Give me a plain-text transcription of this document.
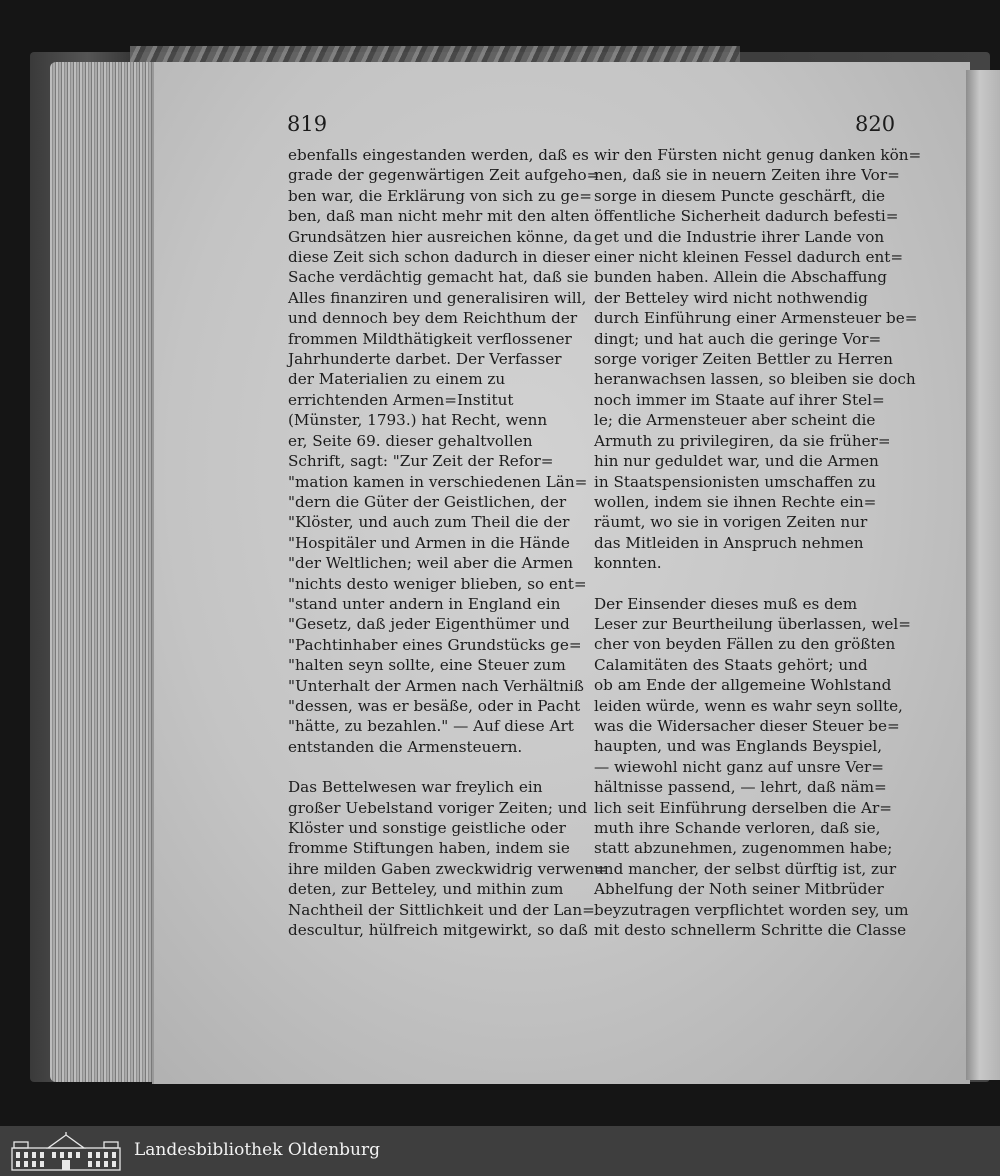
819	820
ebenfalls eingestanden werden, daß es
grade der gegenwärtigen Zeit aufgeho=
ben war, die Erklärung von sich zu ge=
ben, daß man nicht mehr mit den alten
Grundsätzen hier ausreichen könne, da
diese Zeit sich schon dadurch in dieser
Sache verdächtig gemacht hat, daß sie
Alles finanziren und generalisiren will,
und dennoch bey dem Reichthum der
frommen Mildthätigkeit verflossener
Jahrhunderte darbet. Der Verfasser
der Materialien zu einem zu
errichtenden Armen=Institut
(Münster, 1793.) hat Recht, wenn
er, Seite 69. dieser gehaltvollen
Schrift, sagt: "Zur Zeit der Refor=
"mation kamen in verschiedenen Län=
"dern die Güter der Geistlichen, der
"Klöster, und auch zum Theil die der
"Hospitäler und Armen in die Hände
"der Weltlichen; weil aber die Armen
"nichts desto weniger blieben, so ent=
"stand unter andern in England ein
"Gesetz, daß jeder Eigenthümer und
"Pachtinhaber eines Grundstücks ge=
"halten seyn sollte, eine Steuer zum
"Unterhalt der Armen nach Verhältniß
"dessen, was er besäße, oder in Pacht
"hätte, zu bezahlen." — Auf diese Art
entstanden die Armensteuern.
Das Bettelwesen war freylich ein
großer Uebelstand voriger Zeiten; und
Klöster und sonstige geistliche oder
fromme Stiftungen haben, indem sie
ihre milden Gaben zweckwidrig verwen=
deten, zur Betteley, und mithin zum
Nachtheil der Sittlichkeit und der Lan=
descultur, hülfreich mitgewirkt, so daß
wir den Fürsten nicht genug danken kön=
nen, daß sie in neuern Zeiten ihre Vor=
sorge in diesem Puncte geschärft, die
öffentliche Sicherheit dadurch befesti=
get und die Industrie ihrer Lande von
einer nicht kleinen Fessel dadurch ent=
bunden haben. Allein die Abschaffung
der Betteley wird nicht nothwendig
durch Einführung einer Armensteuer be=
dingt; und hat auch die geringe Vor=
sorge voriger Zeiten Bettler zu Herren
heranwachsen lassen, so bleiben sie doch
noch immer im Staate auf ihrer Stel=
le; die Armensteuer aber scheint die
Armuth zu privilegiren, da sie früher=
hin nur geduldet war, und die Armen
in Staatspensionisten umschaffen zu
wollen, indem sie ihnen Rechte ein=
räumt, wo sie in vorigen Zeiten nur
das Mitleiden in Anspruch nehmen
konnten.
Der Einsender dieses muß es dem
Leser zur Beurtheilung überlassen, wel=
cher von beyden Fällen zu den größten
Calamitäten des Staats gehört; und
ob am Ende der allgemeine Wohlstand
leiden würde, wenn es wahr seyn sollte,
was die Widersacher dieser Steuer be=
haupten, und was Englands Beyspiel,
— wiewohl nicht ganz auf unsre Ver=
hältnisse passend, — lehrt, daß näm=
lich seit Einführung derselben die Ar=
muth ihre Schande verloren, daß sie,
statt abzunehmen, zugenommen habe;
und mancher, der selbst dürftig ist, zur
Abhelfung der Noth seiner Mitbrüder
beyzutragen verpflichtet worden sey, um
mit desto schnellerm Schritte die Classe
Landesbibliothek Oldenburg
